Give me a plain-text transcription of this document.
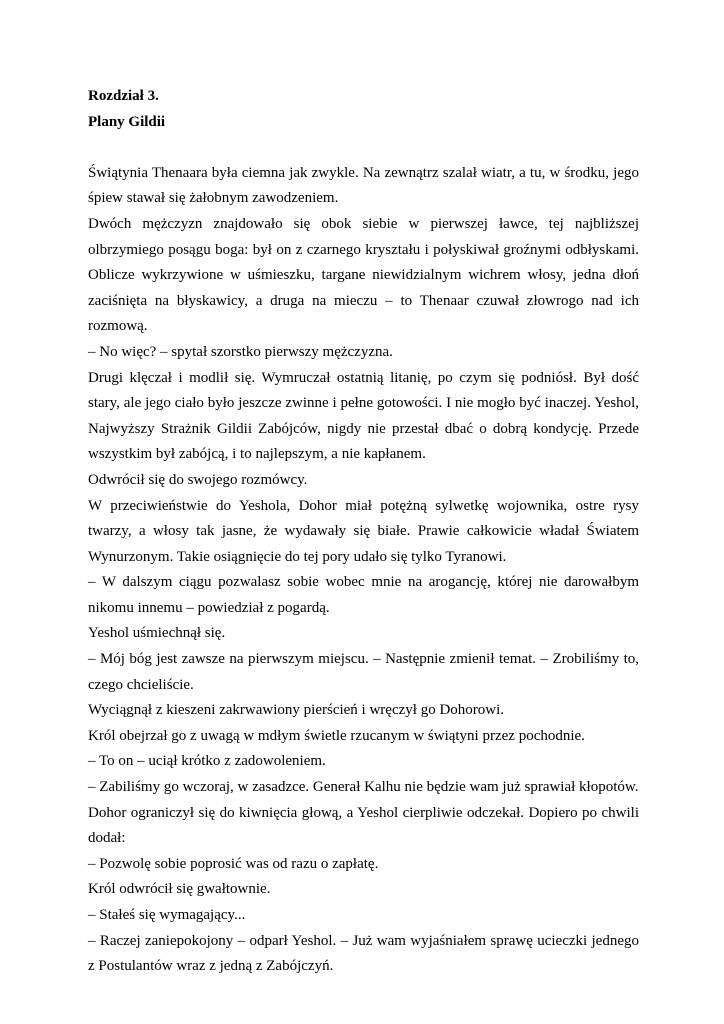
Rozdział 3.

Plany Gildii

Świątynia Thenaara była ciemna jak zwykle. Na zewnątrz szalał wiatr, a tu, w środku, jego śpiew stawał się żałobnym zawodzeniem.

Dwóch mężczyzn znajdowało się obok siebie w pierwszej ławce, tej najbliższej olbrzymiego posągu boga: był on z czarnego kryształu i połyskiwał groźnymi odbłyskami. Oblicze wykrzywione w uśmieszku, targane niewidzialnym wichrem włosy, jedna dłoń zaciśnięta na błyskawicy, a druga na mieczu – to Thenaar czuwał złowrogo nad ich rozmową.

– No więc? – spytał szorstko pierwszy mężczyzna.

Drugi klęczał i modlił się. Wymruczał ostatnią litanię, po czym się podniósł. Był dość stary, ale jego ciało było jeszcze zwinne i pełne gotowości. I nie mogło być inaczej. Yeshol, Najwyższy Strażnik Gildii Zabójców, nigdy nie przestał dbać o dobrą kondycję. Przede wszystkim był zabójcą, i to najlepszym, a nie kapłanem.

Odwrócił się do swojego rozmówcy.

W przeciwieństwie do Yeshola, Dohor miał potężną sylwetkę wojownika, ostre rysy twarzy, a włosy tak jasne, że wydawały się białe. Prawie całkowicie władał Światem Wynurzonym. Takie osiągnięcie do tej pory udało się tylko Tyranowi.

– W dalszym ciągu pozwalasz sobie wobec mnie na arogancję, której nie darowałbym nikomu innemu – powiedział z pogardą.

Yeshol uśmiechnął się.

– Mój bóg jest zawsze na pierwszym miejscu. – Następnie zmienił temat. – Zrobiliśmy to, czego chcieliście.

Wyciągnął z kieszeni zakrwawiony pierścień i wręczył go Dohorowi.

Król obejrzał go z uwagą w mdłym świetle rzucanym w świątyni przez pochodnie.

– To on – uciął krótko z zadowoleniem.

– Zabiliśmy go wczoraj, w zasadzce. Generał Kalhu nie będzie wam już sprawiał kłopotów.

Dohor ograniczył się do kiwnięcia głową, a Yeshol cierpliwie odczekał. Dopiero po chwili dodał:

– Pozwolę sobie poprosić was od razu o zapłatę.

Król odwrócił się gwałtownie.

– Stałeś się wymagający...

– Raczej zaniepokojony – odparł Yeshol. – Już wam wyjaśniałem sprawę ucieczki jednego z Postulantów wraz z jedną z Zabójczyń.
